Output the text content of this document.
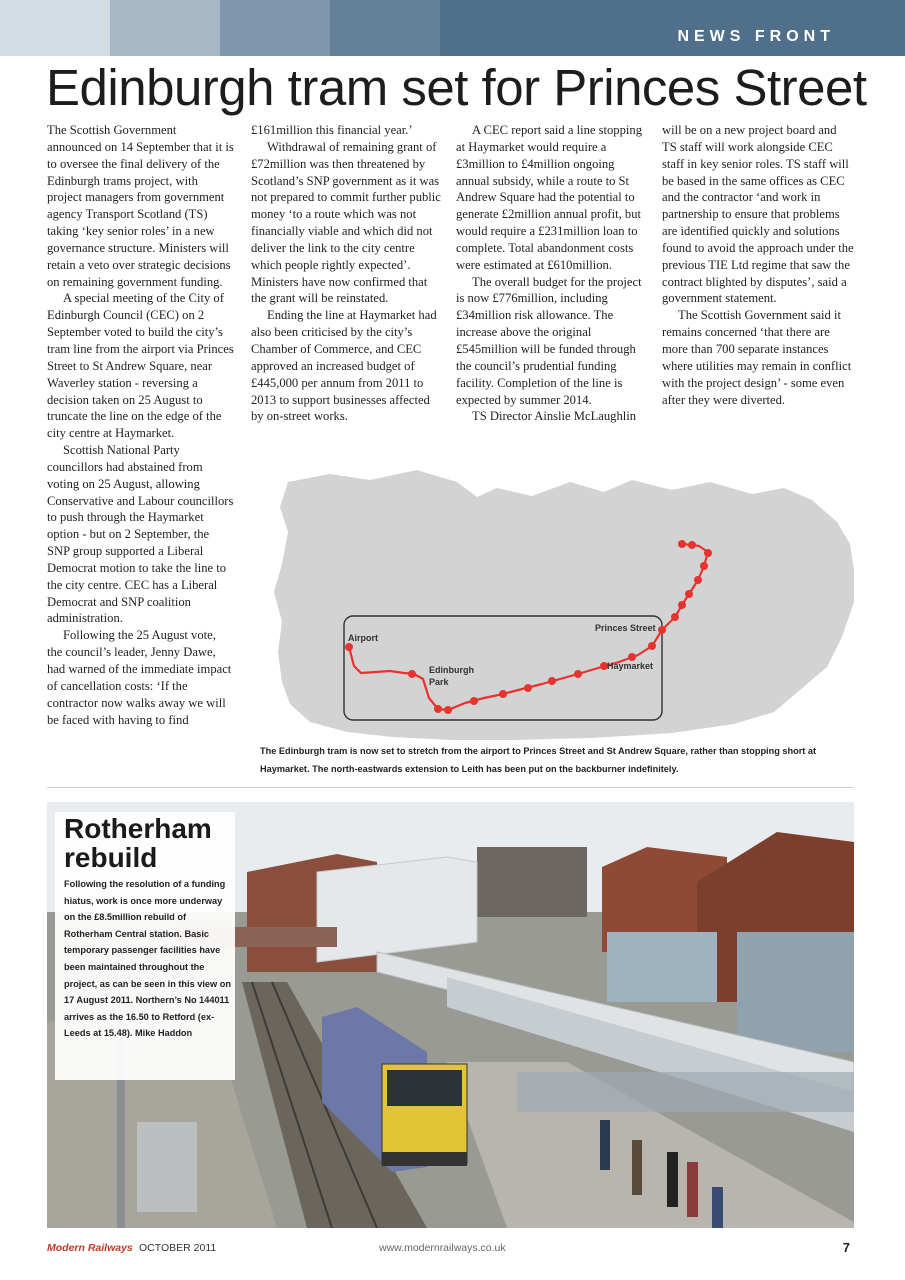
NEWS FRONT
Edinburgh tram set for Princes Street

The Scottish Government announced on 14 September that it is to oversee the final delivery of the Edinburgh trams project, with project managers from government agency Transport Scotland (TS) taking ‘key senior roles’ in a new governance structure. Ministers will retain a veto over strategic decisions on remaining government funding.

A special meeting of the City of Edinburgh Council (CEC) on 2 September voted to build the city’s tram line from the airport via Princes Street to St Andrew Square, near Waverley station - reversing a decision taken on 25 August to truncate the line on the edge of the city centre at Haymarket.

Scottish National Party councillors had abstained from voting on 25 August, allowing Conservative and Labour councillors to push through the Haymarket option - but on 2 September, the SNP group supported a Liberal Democrat motion to take the line to the city centre. CEC has a Liberal Democrat and SNP coalition administration.

Following the 25 August vote, the council’s leader, Jenny Dawe, had warned of the immediate impact of cancellation costs: ‘If the contractor now walks away we will be faced with having to find

£161million this financial year.’

Withdrawal of remaining grant of £72million was then threatened by Scotland’s SNP government as it was not prepared to commit further public money ‘to a route which was not financially viable and which did not deliver the link to the city centre which people rightly expected’. Ministers have now confirmed that the grant will be reinstated.

Ending the line at Haymarket had also been criticised by the city’s Chamber of Commerce, and CEC approved an increased budget of £445,000 per annum from 2011 to 2013 to support businesses affected by on-street works.

A CEC report said a line stopping at Haymarket would require a £3million to £4million ongoing annual subsidy, while a route to St Andrew Square had the potential to generate £2million annual profit, but would require a £231million loan to complete. Total abandonment costs were estimated at £610million.

The overall budget for the project is now £776million, including £34million risk allowance. The increase above the original £545million will be funded through the council’s prudential funding facility. Completion of the line is expected by summer 2014.

TS Director Ainslie McLaughlin

will be on a new project board and TS staff will work alongside CEC staff in key senior roles. TS staff will be based in the same offices as CEC and the contractor ‘and work in partnership to ensure that problems are identified quickly and solutions found to avoid the approach under the previous TIE Ltd regime that saw the contract blighted by disputes’, said a government statement.

The Scottish Government said it remains concerned ‘that there are more than 700 separate instances where utilities may remain in conflict with the project design’ - some even after they were diverted.

Airport
Edinburgh
Park
Princes Street
Haymarket

The Edinburgh tram is now set to stretch from the airport to Princes Street and St Andrew Square, rather than stopping short at Haymarket. The north-eastwards extension to Leith has been put on the backburner indefinitely.

Rotherham
rebuild

Following the resolution of a funding hiatus, work is once more underway on the £8.5million rebuild of Rotherham Central station. Basic temporary passenger facilities have been maintained throughout the project, as can be seen in this view on 17 August 2011. Northern’s No 144011 arrives as the 16.50 to Retford (ex-Leeds at 15.48). Mike Haddon

Modern Railways OCTOBER 2011	www.modernrailways.co.uk	7
